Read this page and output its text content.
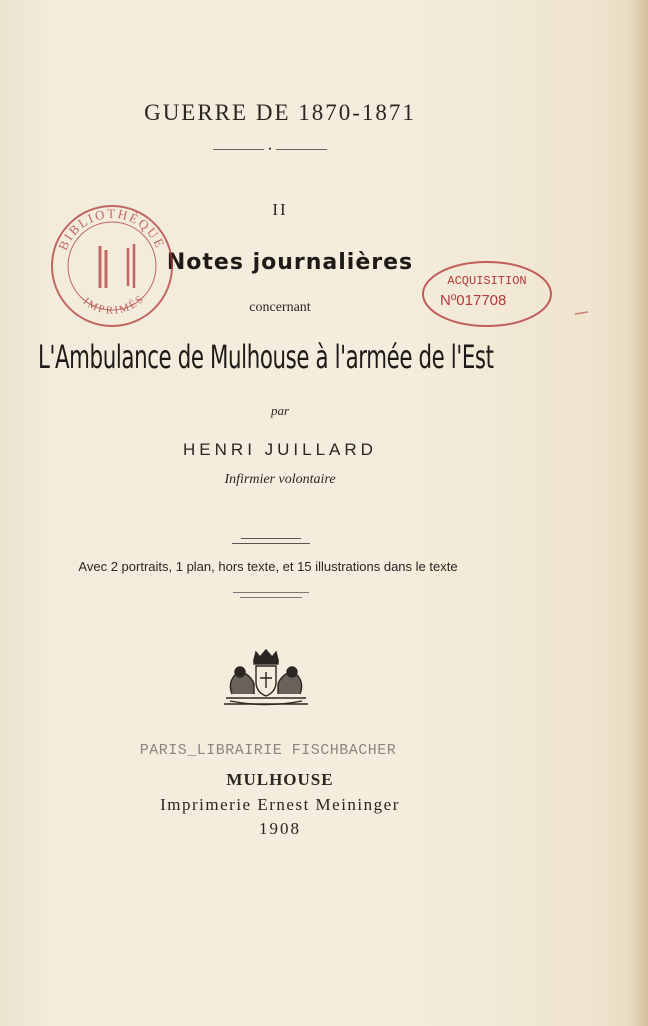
GUERRE DE 1870-1871
•
II
Notes journalières
concernant
L'Ambulance de Mulhouse à l'armée de l'Est
par
HENRI JUILLARD
Infirmier volontaire
Avec 2 portraits, 1 plan, hors texte, et 15 illustrations dans le texte
PARIS_LIBRAIRIE FISCHBACHER
MULHOUSE
Imprimerie Ernest Meininger
1908
BIBLIOTHÈQUE
IMPRIMÉS
ACQUISITION
Nº017708
